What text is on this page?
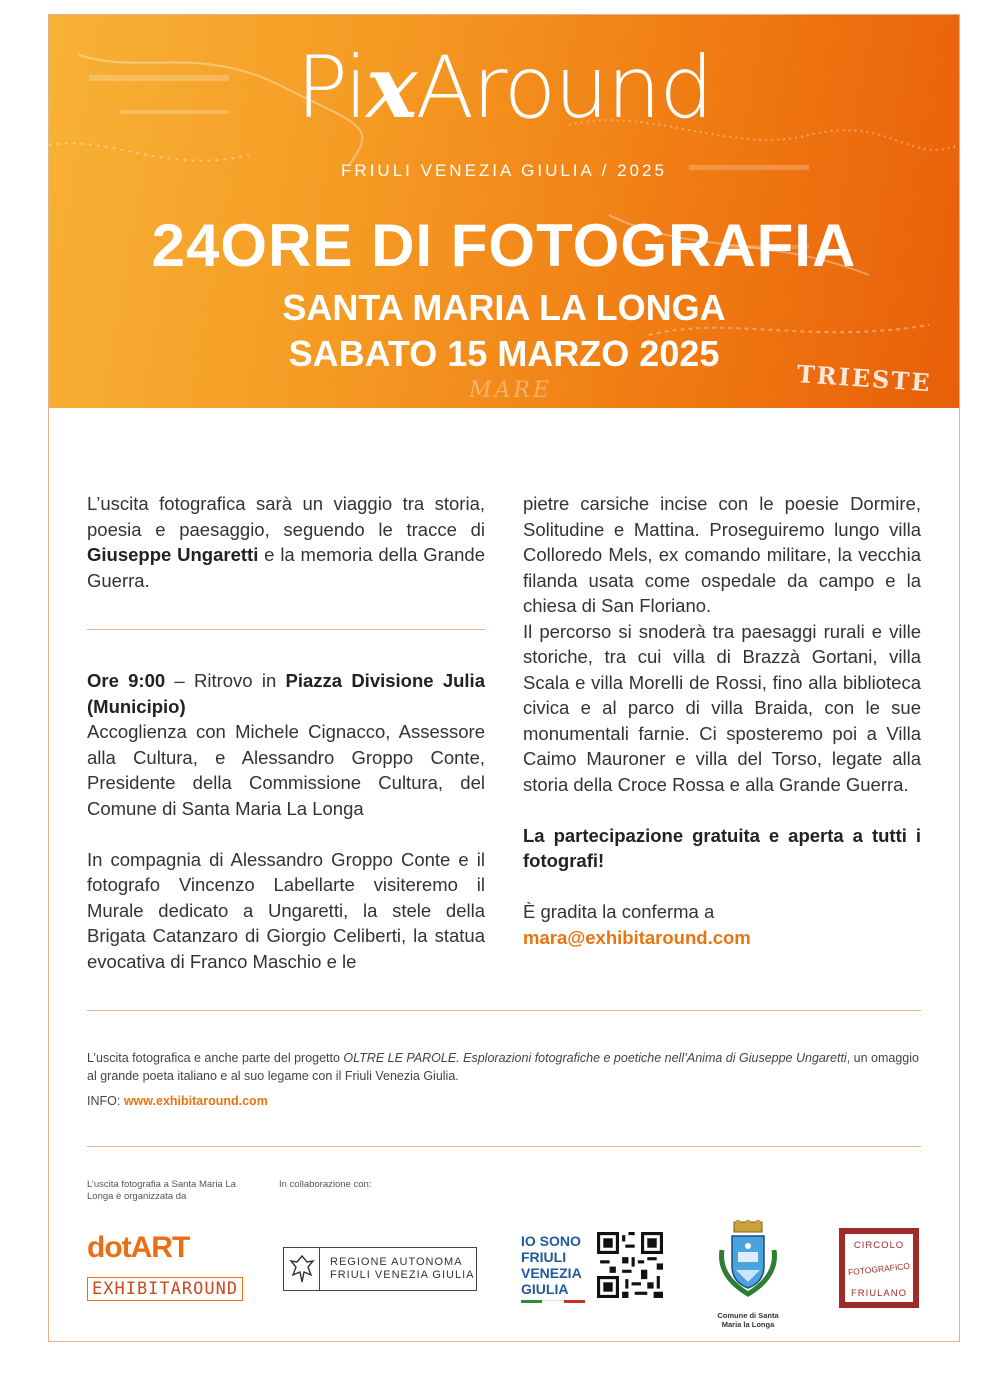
TRIESTE
MARE
PixAround
FRIULI VENEZIA GIULIA / 2025
24ORE DI FOTOGRAFIA
SANTA MARIA LA LONGA
SABATO 15 MARZO 2025

L’uscita fotografica sarà un viaggio tra storia, poesia e paesaggio, seguendo le tracce di Giuseppe Ungaretti e la memoria della Grande Guerra.

Ore 9:00 – Ritrovo in Piazza Divisione Julia (Municipio)

Accoglienza con Michele Cignacco, Assessore alla Cultura, e Alessandro Groppo Conte, Presidente della Commissione Cultura, del Comune di Santa Maria La Longa

In compagnia di Alessandro Groppo Conte e il fotografo Vincenzo Labellarte visiteremo il Murale dedicato a Ungaretti, la stele della Brigata Catanzaro di Giorgio Celiberti, la statua evocativa di Franco Maschio e le

pietre carsiche incise con le poesie Dormire, Solitudine e Mattina. Proseguiremo lungo villa Colloredo Mels, ex comando militare, la vecchia filanda usata come ospedale da campo e la chiesa di San Floriano.

Il percorso si snoderà tra paesaggi rurali e ville storiche, tra cui villa di Brazzà Gortani, villa Scala e villa Morelli de Rossi, fino alla biblioteca civica e al parco di villa Braida, con le sue monumentali farnie. Ci sposteremo poi a Villa Caimo Mauroner e villa del Torso, legate alla storia della Croce Rossa e alla Grande Guerra.

La partecipazione gratuita e aperta a tutti i fotografi!

È gradita la conferma a

mara@exhibitaround.com

L’uscita fotografica e anche parte del progetto OLTRE LE PAROLE. Esplorazioni fotografiche e poetiche nell’Anima di Giuseppe Ungaretti, un omaggio al grande poeta italiano e al suo legame con il Friuli Venezia Giulia.
INFO: www.exhibitaround.com
L’uscita fotografia a Santa Maria La Longa è organizzata da
In collaborazione con:
dotART
EXHIBITAROUND
REGIONE AUTONOMA
FRIULI VENEZIA GIULIA
IO SONO
FRIULI
VENEZIA
GIULIA
Comune di Santa Maria la Longa
CIRCOLO
FOTOGRAFICO
FRIULANO
